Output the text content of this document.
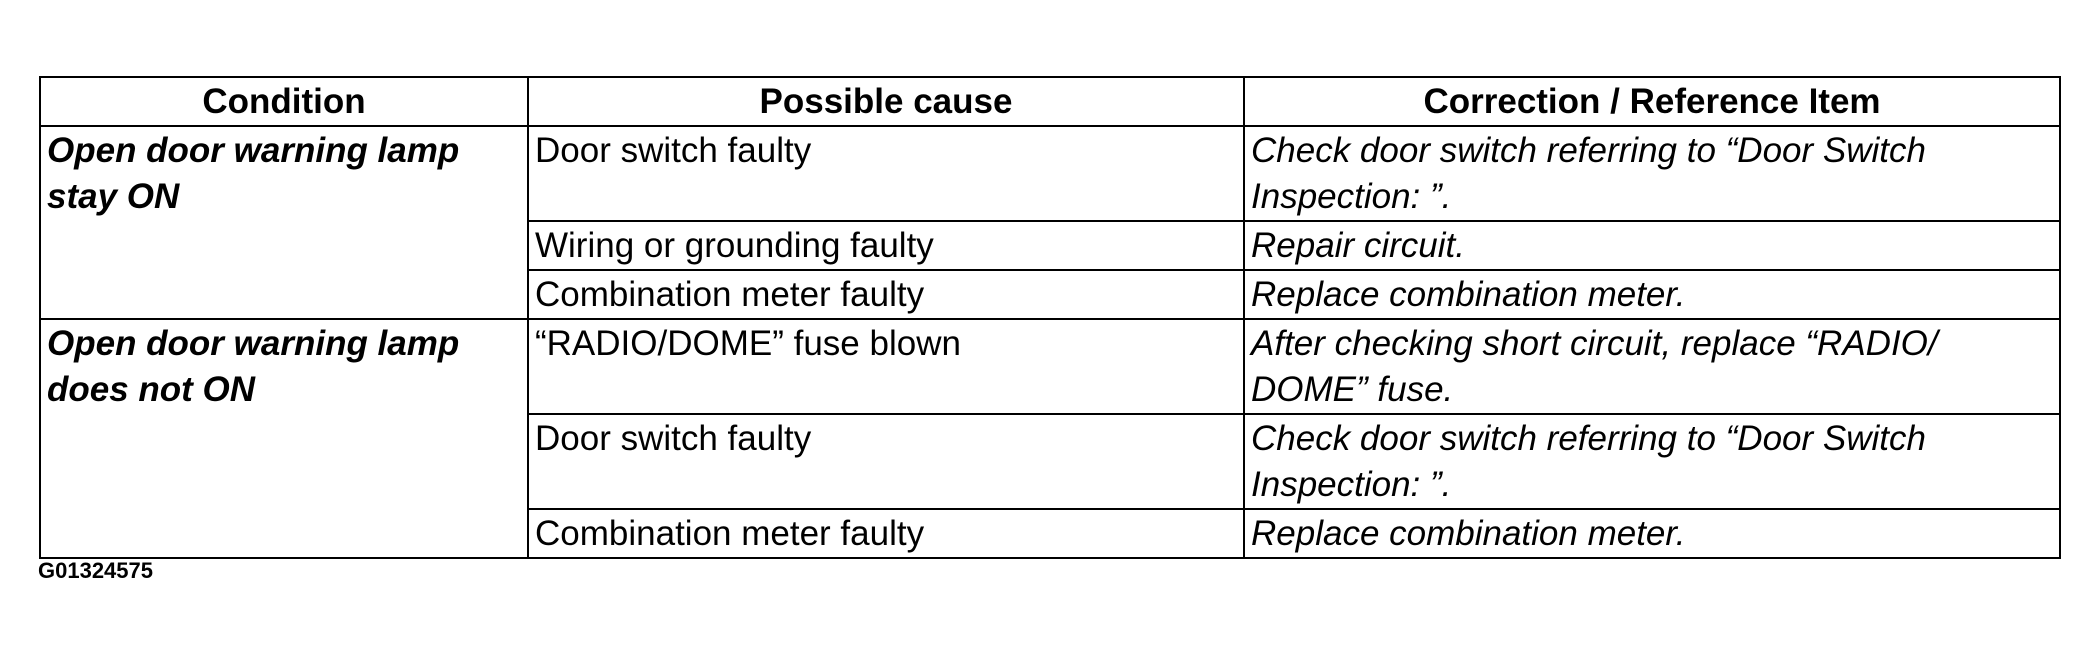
Condition	Possible cause	Correction / Reference Item
Open door warning lamp stay ON	Door switch faulty	Check door switch referring to “Door Switch Inspection: ”.
	Wiring or grounding faulty	Repair circuit.
	Combination meter faulty	Replace combination meter.
Open door warning lamp does not ON	“RADIO/DOME” fuse blown	After checking short circuit, replace “RADIO/ DOME” fuse.
	Door switch faulty	Check door switch referring to “Door Switch Inspection: ”.
	Combination meter faulty	Replace combination meter.
G01324575
